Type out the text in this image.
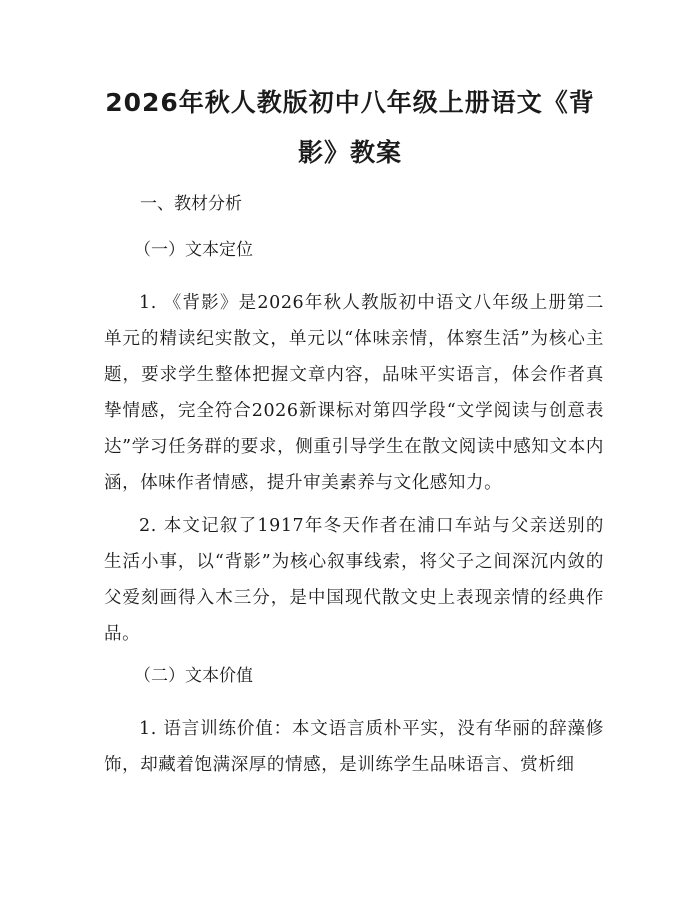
2026年秋人教版初中八年级上册语文《背影》教案

一、教材分析

（一）文本定位

1. 《背影》是2026年秋人教版初中语文八年级上册第二单元的精读纪实散文，单元以“体味亲情，体察生活”为核心主题，要求学生整体把握文章内容，品味平实语言，体会作者真挚情感，完全符合2026新课标对第四学段“文学阅读与创意表达”学习任务群的要求，侧重引导学生在散文阅读中感知文本内涵，体味作者情感，提升审美素养与文化感知力。

2. 本文记叙了1917年冬天作者在浦口车站与父亲送别的生活小事，以“背影”为核心叙事线索，将父子之间深沉内敛的父爱刻画得入木三分，是中国现代散文史上表现亲情的经典作品。

（二）文本价值

1. 语言训练价值：本文语言质朴平实，没有华丽的辞藻修饰，却藏着饱满深厚的情感，是训练学生品味语言、赏析细
